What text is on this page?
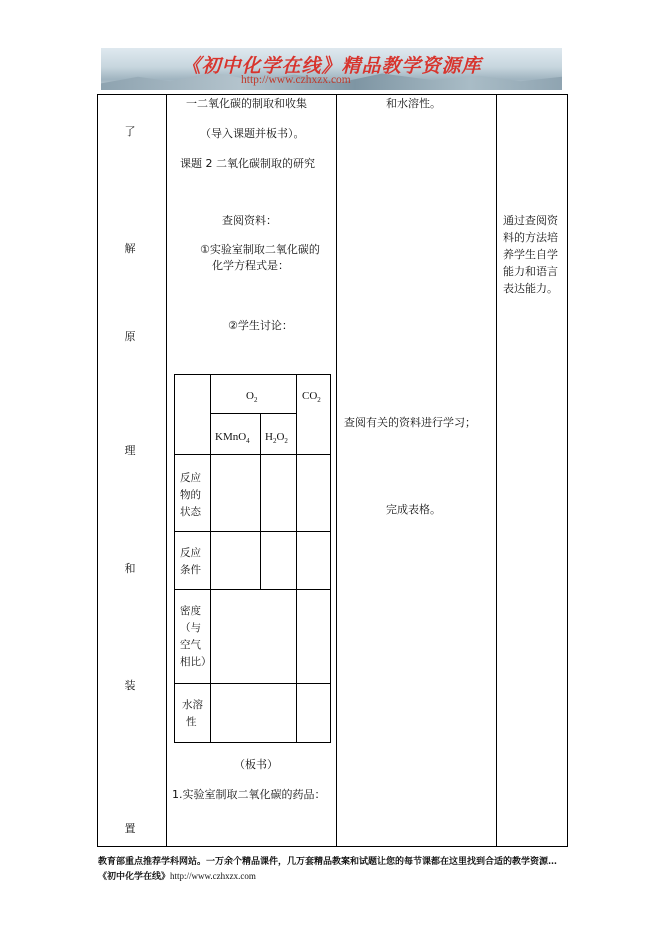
《初中化学在线》精品教学资源库
http://www.czhxzx.com
了
解
原
理
和
装
置
一二氧化碳的制取和收集
（导入课题并板书）。
课题 2 二氧化碳制取的研究
查阅资料：
①实验室制取二氧化碳的
化学方程式是：
②学生讨论：
$O_2$	$CO_2$
KMnO$_4$ $H_2O_2$
反应
物的
状态
反应
条件
密度
（与
空气
相比）
水溶
性
（板书）
1.实验室制取二氧化碳的药品：
和水溶性。
查阅有关的资料进行学习；
完成表格。
通过查阅资
料的方法培
养学生自学
能力和语言
表达能力。
教育部重点推荐学科网站。一万余个精品课件，几万套精品教案和试题让您的每节课都在这里找到合适的教学资源…《初中化学在线》http://www.czhxzx.com
